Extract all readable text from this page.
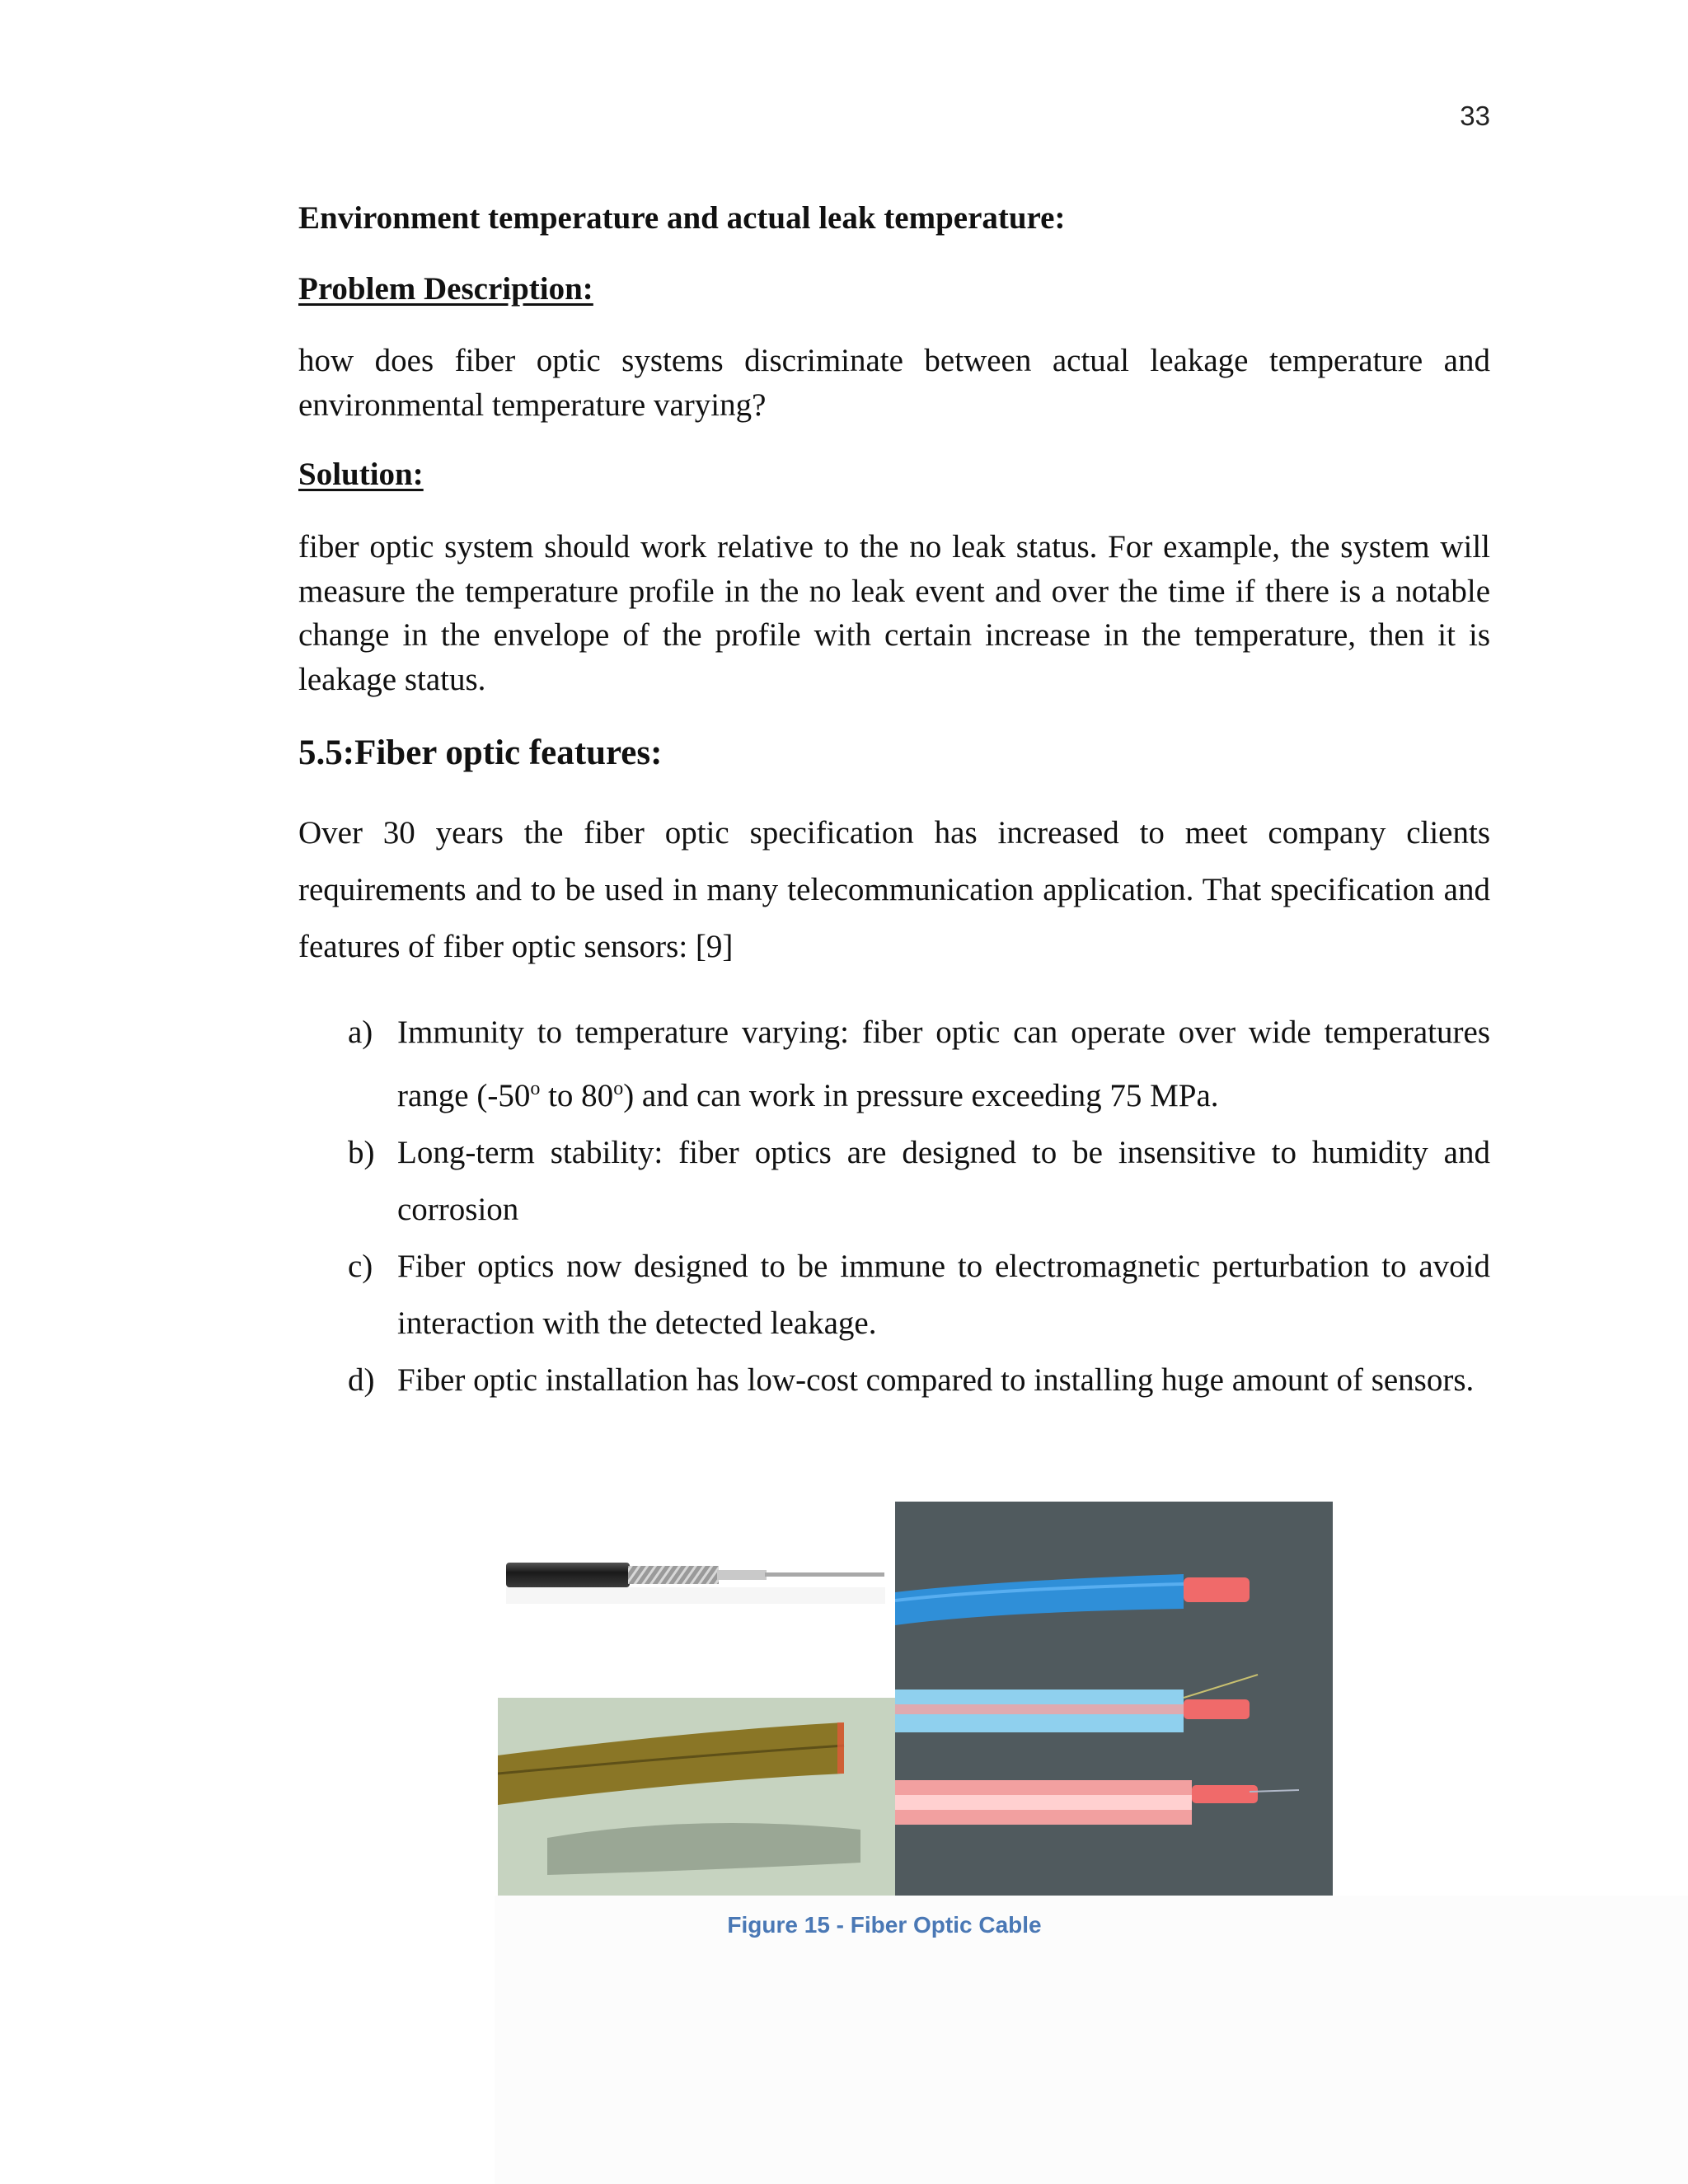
33
Environment temperature and actual leak temperature:
Problem Description:
how does fiber optic systems discriminate between actual leakage temperature and environmental temperature varying?
Solution:
fiber optic system should work relative to the no leak status. For example, the system will measure the temperature profile in the no leak event and over the time if there is a notable change in the envelope of the profile with certain increase in the temperature, then it is leakage status.
5.5:Fiber optic features:
Over 30 years the fiber optic specification has increased to meet company clients requirements and to be used in many telecommunication application. That specification and features of fiber optic sensors: [9]
a) Immunity to temperature varying: fiber optic can operate over wide temperatures range (-50$^o$ to 80$^o$) and can work in pressure exceeding 75 MPa.
b) Long-term stability: fiber optics are designed to be insensitive to humidity and corrosion
c) Fiber optics now designed to be immune to electromagnetic perturbation to avoid interaction with the detected leakage.
d) Fiber optic installation has low-cost compared to installing huge amount of sensors.
Figure 15 - Fiber Optic Cable
